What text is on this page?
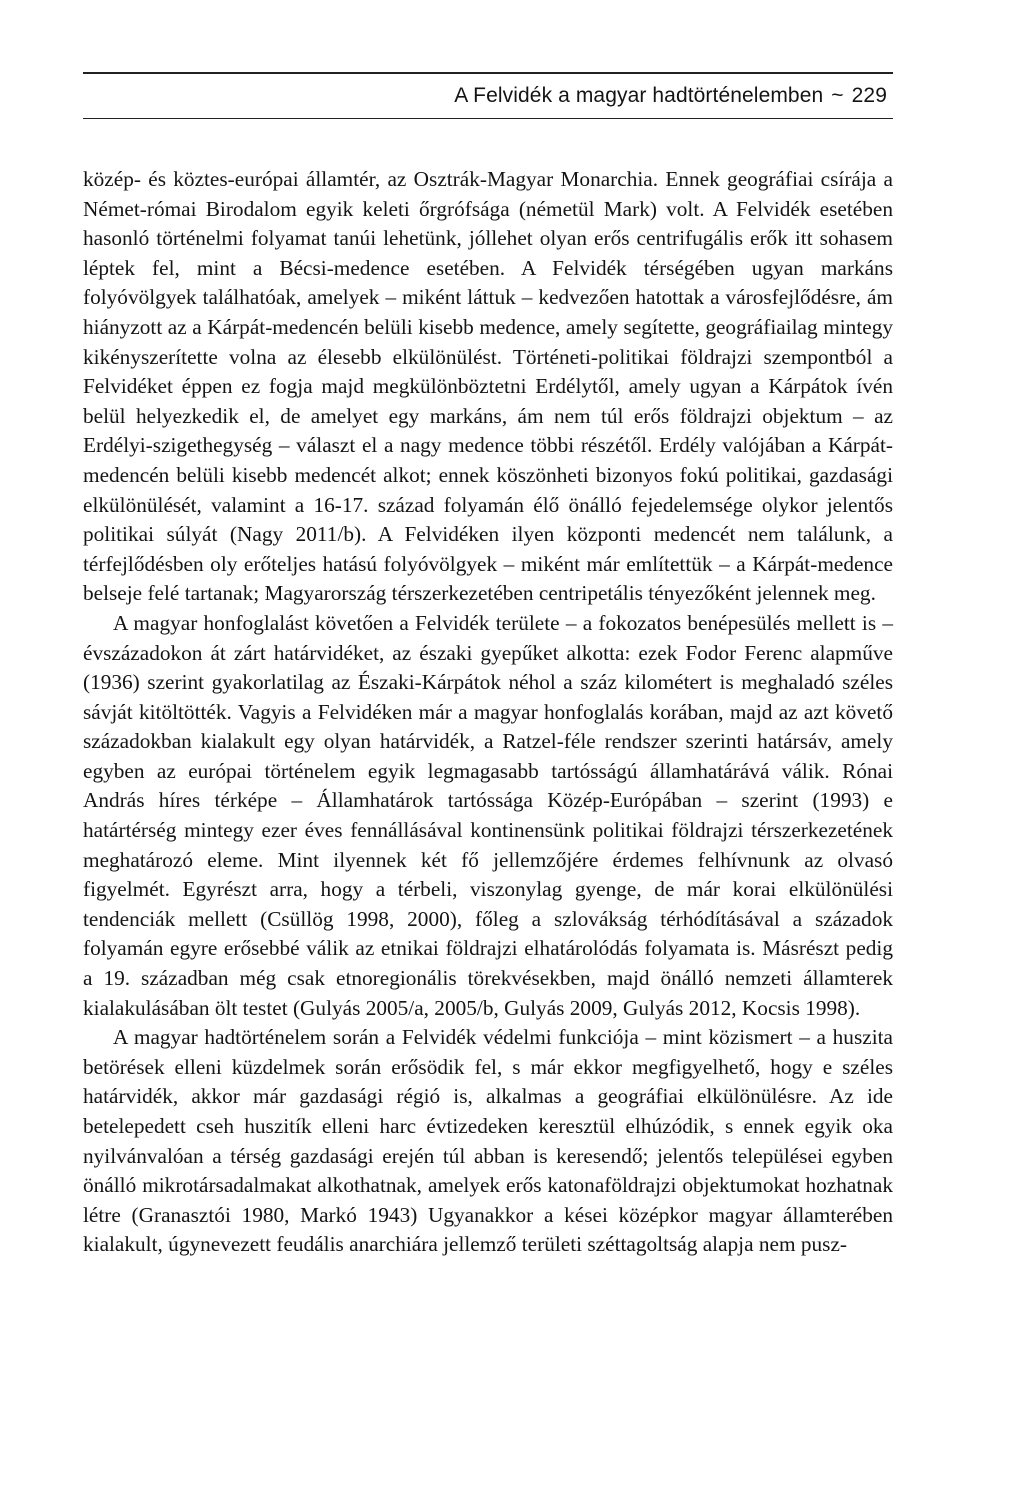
A Felvidék a magyar hadtörténelemben ~ 229

közép- és köztes-európai államtér, az Osztrák-Magyar Monarchia. Ennek geográfiai csírája a Német-római Birodalom egyik keleti őrgrófsága (németül Mark) volt. A Felvidék esetében hasonló történelmi folyamat tanúi lehetünk, jóllehet olyan erős centrifugális erők itt sohasem léptek fel, mint a Bécsi-medence esetében. A Felvidék térségében ugyan markáns folyóvölgyek találhatóak, amelyek – miként láttuk – kedvezően hatottak a városfejlődésre, ám hiányzott az a Kárpát-medencén belüli kisebb medence, amely segítette, geográfiailag mintegy kikényszerítette volna az élesebb elkülönülést. Történeti-politikai földrajzi szempontból a Felvidéket éppen ez fogja majd megkülönböztetni Erdélytől, amely ugyan a Kárpátok ívén belül helyezkedik el, de amelyet egy markáns, ám nem túl erős földrajzi objektum – az Erdélyi-szigethegység – választ el a nagy medence többi részétől. Erdély valójában a Kárpát-medencén belüli kisebb medencét alkot; ennek köszönheti bizonyos fokú politikai, gazdasági elkülönülését, valamint a 16-17. század folyamán élő önálló fejedelemsége olykor jelentős politikai súlyát (Nagy 2011/b). A Felvidéken ilyen központi medencét nem találunk, a térfejlődésben oly erőteljes hatású folyóvölgyek – miként már említettük – a Kárpát-medence belseje felé tartanak; Magyarország térszerkezetében centripetális tényezőként jelennek meg.

A magyar honfoglalást követően a Felvidék területe – a fokozatos benépesülés mellett is – évszázadokon át zárt határvidéket, az északi gyepűket alkotta: ezek Fodor Ferenc alapműve (1936) szerint gyakorlatilag az Északi-Kárpátok néhol a száz kilométert is meghaladó széles sávját kitöltötték. Vagyis a Felvidéken már a magyar honfoglalás korában, majd az azt követő századokban kialakult egy olyan határvidék, a Ratzel-féle rendszer szerinti határsáv, amely egyben az európai történelem egyik legmagasabb tartósságú államhatárává válik. Rónai András híres térképe – Államhatárok tartóssága Közép-Európában – szerint (1993) e határtérség mintegy ezer éves fennállásával kontinensünk politikai földrajzi térszerkezetének meghatározó eleme. Mint ilyennek két fő jellemzőjére érdemes felhívnunk az olvasó figyelmét. Egyrészt arra, hogy a térbeli, viszonylag gyenge, de már korai elkülönülési tendenciák mellett (Csüllög 1998, 2000), főleg a szlovákság térhódításával a századok folyamán egyre erősebbé válik az etnikai földrajzi elhatárolódás folyamata is. Másrészt pedig a 19. században még csak etnoregionális törekvésekben, majd önálló nemzeti államterek kialakulásában ölt testet (Gulyás 2005/a, 2005/b, Gulyás 2009, Gulyás 2012, Kocsis 1998).

A magyar hadtörténelem során a Felvidék védelmi funkciója – mint közismert – a huszita betörések elleni küzdelmek során erősödik fel, s már ekkor megfigyelhető, hogy e széles határvidék, akkor már gazdasági régió is, alkalmas a geográfiai elkülönülésre. Az ide betelepedett cseh huszitík elleni harc évtizedeken keresztül elhúzódik, s ennek egyik oka nyilvánvalóan a térség gazdasági erején túl abban is keresendő; jelentős települései egyben önálló mikrotársadalmakat alkothatnak, amelyek erős katonaföldrajzi objektumokat hozhatnak létre (Granasztói 1980, Markó 1943) Ugyanakkor a kései középkor magyar államterében kialakult, úgynevezett feudális anarchiára jellemző területi széttagoltság alapja nem pusz-
